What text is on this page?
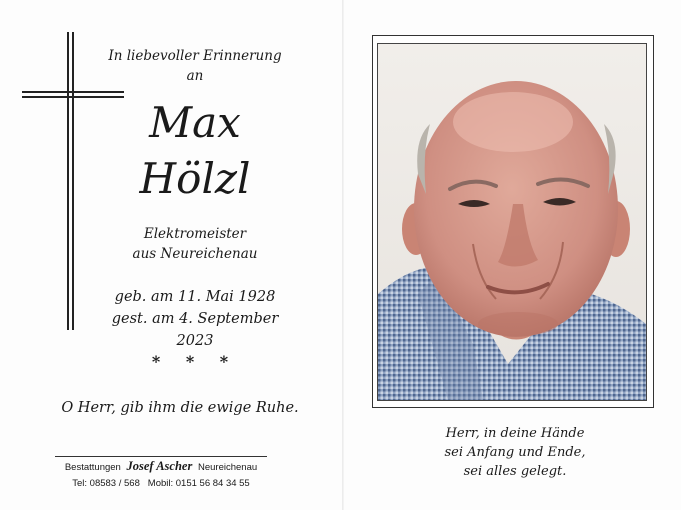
In liebevoller Erinnerung
an
Max
Hölzl
Elektromeister
aus Neureichenau
geb. am 11. Mai 1928
gest. am 4. September 2023
* * *
O Herr, gib ihm die ewige Ruhe.
Bestattungen Josef Ascher Neureichenau
Tel: 08583 / 568 Mobil: 0151 56 84 34 55
Herr, in deine Hände
sei Anfang und Ende,
sei alles gelegt.
